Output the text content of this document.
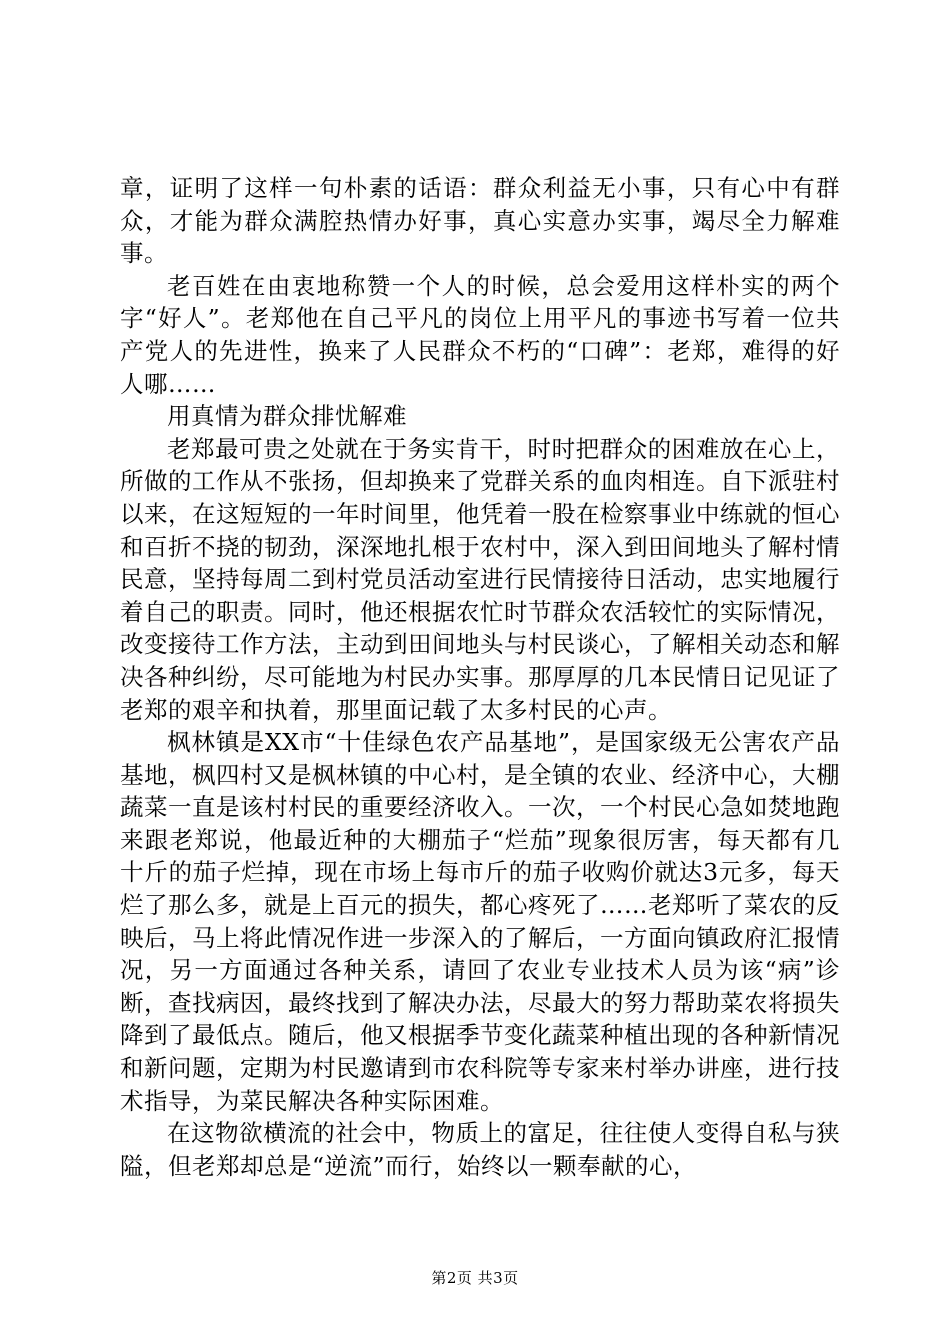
章，证明了这样一句朴素的话语：群众利益无小事，只有心中有群众，才能为群众满腔热情办好事，真心实意办实事，竭尽全力解难事。

老百姓在由衷地称赞一个人的时候，总会爱用这样朴实的两个字“好人”。老郑他在自己平凡的岗位上用平凡的事迹书写着一位共产党人的先进性，换来了人民群众不朽的“口碑”：老郑，难得的好人哪……

用真情为群众排忧解难

老郑最可贵之处就在于务实肯干，时时把群众的困难放在心上，所做的工作从不张扬，但却换来了党群关系的血肉相连。自下派驻村以来，在这短短的一年时间里，他凭着一股在检察事业中练就的恒心和百折不挠的韧劲，深深地扎根于农村中，深入到田间地头了解村情民意，坚持每周二到村党员活动室进行民情接待日活动，忠实地履行着自己的职责。同时，他还根据农忙时节群众农活较忙的实际情况，改变接待工作方法，主动到田间地头与村民谈心，了解相关动态和解决各种纠纷，尽可能地为村民办实事。那厚厚的几本民情日记见证了老郑的艰辛和执着，那里面记载了太多村民的心声。

枫林镇是XX市“十佳绿色农产品基地”，是国家级无公害农产品基地，枫四村又是枫林镇的中心村，是全镇的农业、经济中心，大棚蔬菜一直是该村村民的重要经济收入。一次，一个村民心急如焚地跑来跟老郑说，他最近种的大棚茄子“烂茄”现象很厉害，每天都有几十斤的茄子烂掉，现在市场上每市斤的茄子收购价就达3元多，每天烂了那么多，就是上百元的损失，都心疼死了……老郑听了菜农的反映后，马上将此情况作进一步深入的了解后，一方面向镇政府汇报情况，另一方面通过各种关系，请回了农业专业技术人员为该“病”诊断，查找病因，最终找到了解决办法，尽最大的努力帮助菜农将损失降到了最低点。随后，他又根据季节变化蔬菜种植出现的各种新情况和新问题，定期为村民邀请到市农科院等专家来村举办讲座，进行技术指导，为菜民解决各种实际困难。

在这物欲横流的社会中，物质上的富足，往往使人变得自私与狭隘，但老郑却总是“逆流”而行，始终以一颗奉献的心，

第2页 共3页
